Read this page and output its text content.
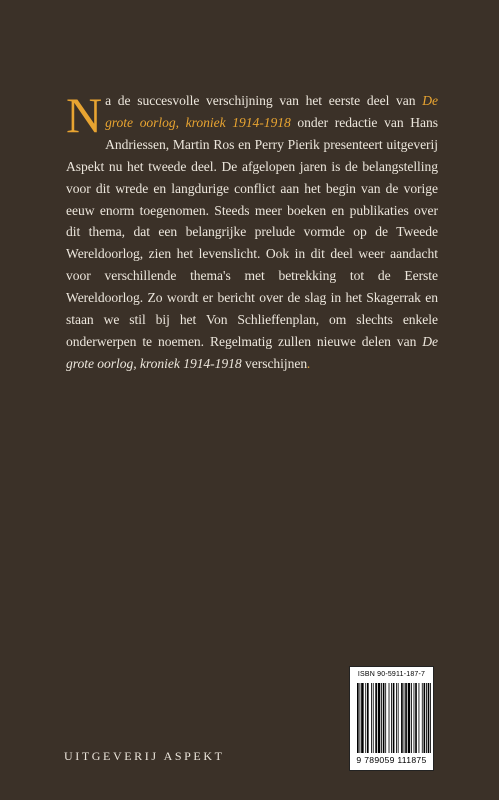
Na de succesvolle verschijning van het eerste deel van De grote oorlog, kroniek 1914-1918 onder redactie van Hans Andriessen, Martin Ros en Perry Pierik presenteert uitgeverij Aspekt nu het tweede deel. De afgelopen jaren is de belangstelling voor dit wrede en langdurige conflict aan het begin van de vorige eeuw enorm toegenomen. Steeds meer boeken en publikaties over dit thema, dat een belangrijke prelude vormde op de Tweede Wereldoorlog, zien het levenslicht. Ook in dit deel weer aandacht voor verschillende thema's met betrekking tot de Eerste Wereldoorlog. Zo wordt er bericht over de slag in het Skagerrak en staan we stil bij het Von Schlieffenplan, om slechts enkele onderwerpen te noemen. Regelmatig zullen nieuwe delen van De grote oorlog, kroniek 1914-1918 verschijnen.
UITGEVERIJ ASPEKT
ISBN 90-5911-187-7
9 789059 111875
